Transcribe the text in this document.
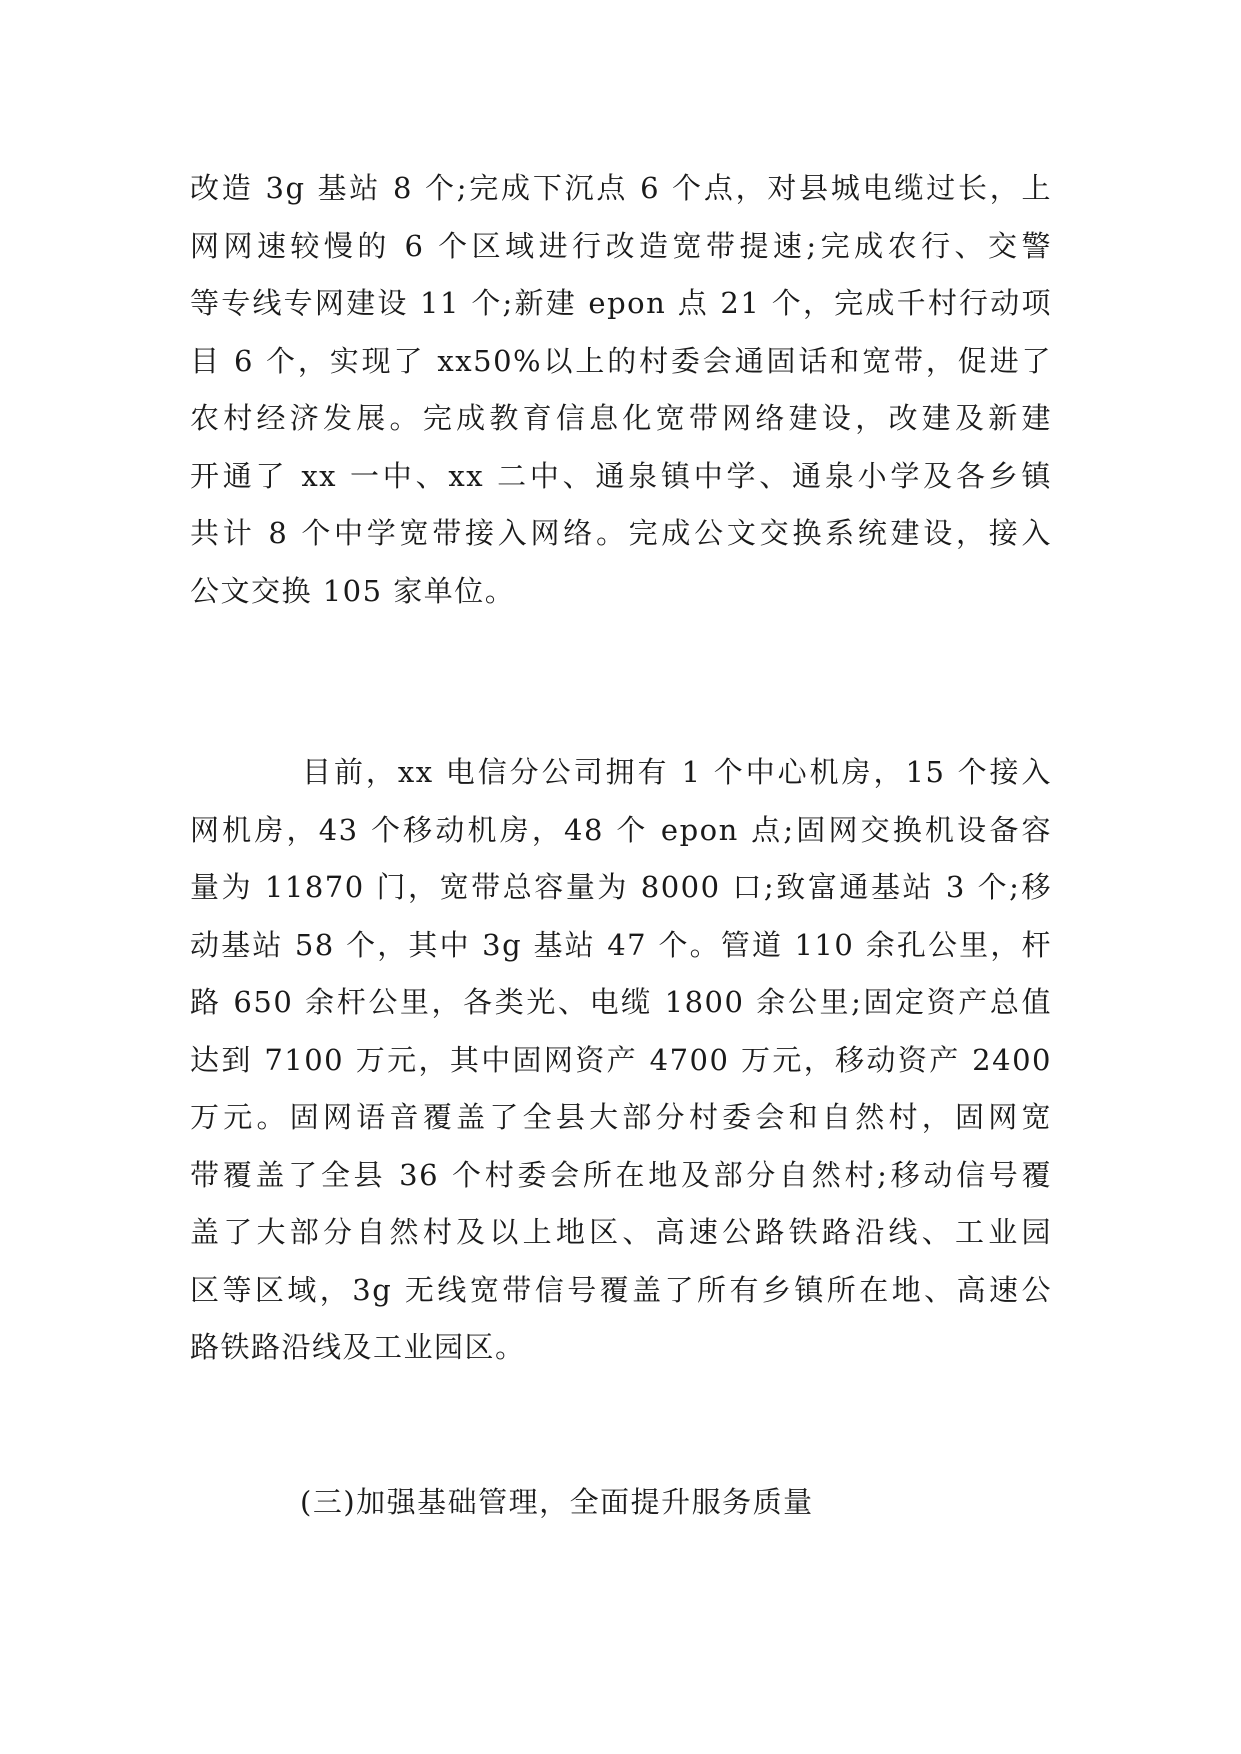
改造 3g 基站 8 个;完成下沉点 6 个点，对县城电缆过长，上
网网速较慢的 6 个区域进行改造宽带提速;完成农行、交警
等专线专网建设 11 个;新建 epon 点 21 个，完成千村行动项
目 6 个，实现了 xx50%以上的村委会通固话和宽带，促进了
农村经济发展。完成教育信息化宽带网络建设，改建及新建
开通了 xx 一中、xx 二中、通泉镇中学、通泉小学及各乡镇
共计 8 个中学宽带接入网络。完成公文交换系统建设，接入
公文交换 105 家单位。
目前，xx 电信分公司拥有 1 个中心机房，15 个接入
网机房，43 个移动机房，48 个 epon 点;固网交换机设备容
量为 11870 门，宽带总容量为 8000 口;致富通基站 3 个;移
动基站 58 个，其中 3g 基站 47 个。管道 110 余孔公里，杆
路 650 余杆公里，各类光、电缆 1800 余公里;固定资产总值
达到 7100 万元，其中固网资产 4700 万元，移动资产 2400
万元。固网语音覆盖了全县大部分村委会和自然村，固网宽
带覆盖了全县 36 个村委会所在地及部分自然村;移动信号覆
盖了大部分自然村及以上地区、高速公路铁路沿线、工业园
区等区域，3g 无线宽带信号覆盖了所有乡镇所在地、高速公
路铁路沿线及工业园区。
(三)加强基础管理，全面提升服务质量
